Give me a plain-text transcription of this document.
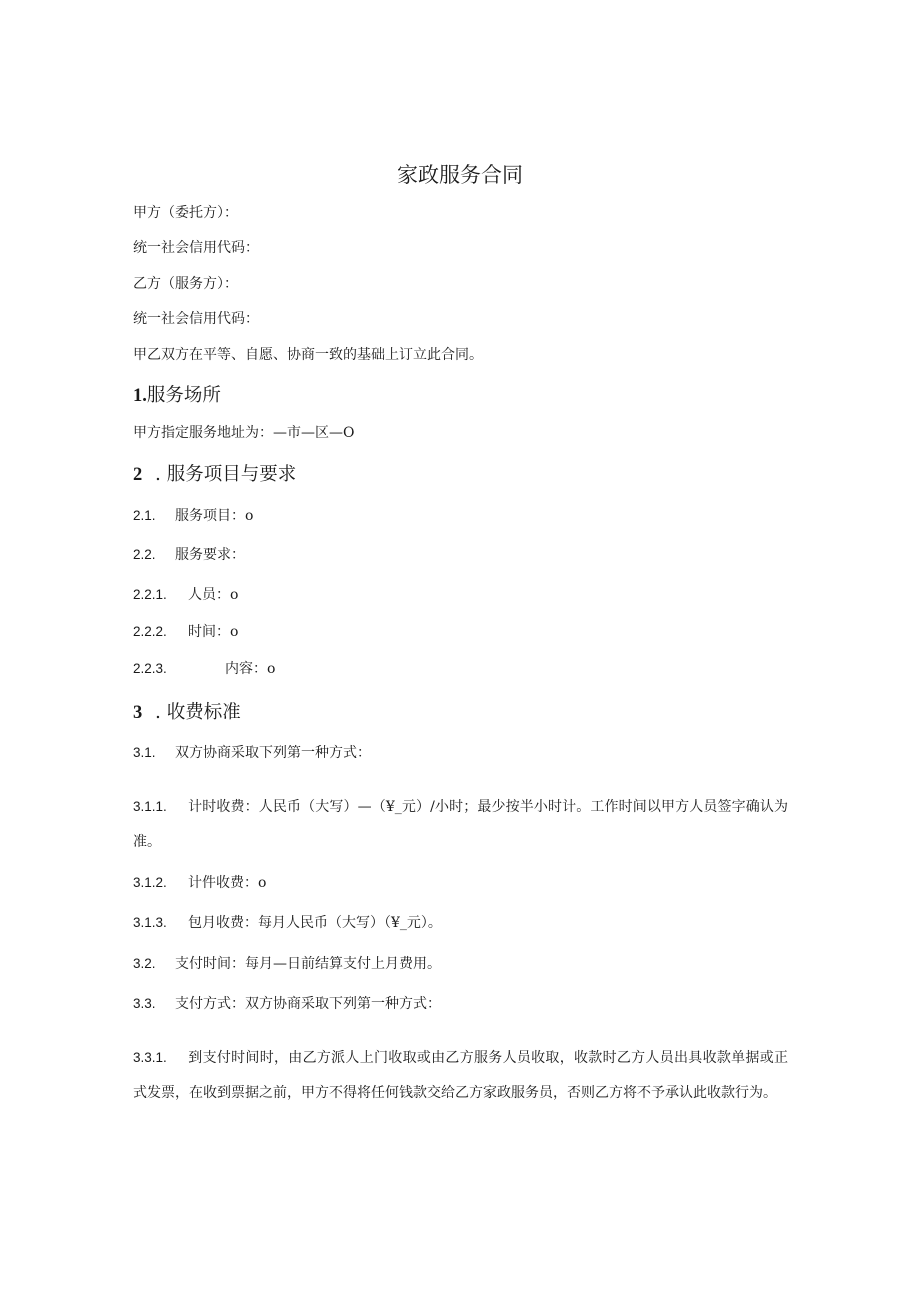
家政服务合同
甲方（委托方）：
统一社会信用代码：
乙方（服务方）：
统一社会信用代码：
甲乙双方在平等、自愿、协商一致的基础上订立此合同。
1.服务场所
甲方指定服务地址为：—市—区—O
2 . 服务项目与要求
2.1. 服务项目：o
2.2. 服务要求：
2.2.1. 人员：o
2.2.2. 时间：o
2.2.3.	内容：o
3 . 收费标准
3.1. 双方协商采取下列第一种方式：
3.1.1. 计时收费：人民币（大写）—（¥_元）/小时；最少按半小时计。工作时间以甲方人员签字确认为准。
3.1.2. 计件收费：o
3.1.3. 包月收费：每月人民币（大写）（¥_元）。
3.2. 支付时间：每月—日前结算支付上月费用。
3.3. 支付方式：双方协商采取下列第一种方式：
3.3.1. 到支付时间时，由乙方派人上门收取或由乙方服务人员收取，收款时乙方人员出具收款单据或正式发票，在收到票据之前，甲方不得将任何钱款交给乙方家政服务员，否则乙方将不予承认此收款行为。
